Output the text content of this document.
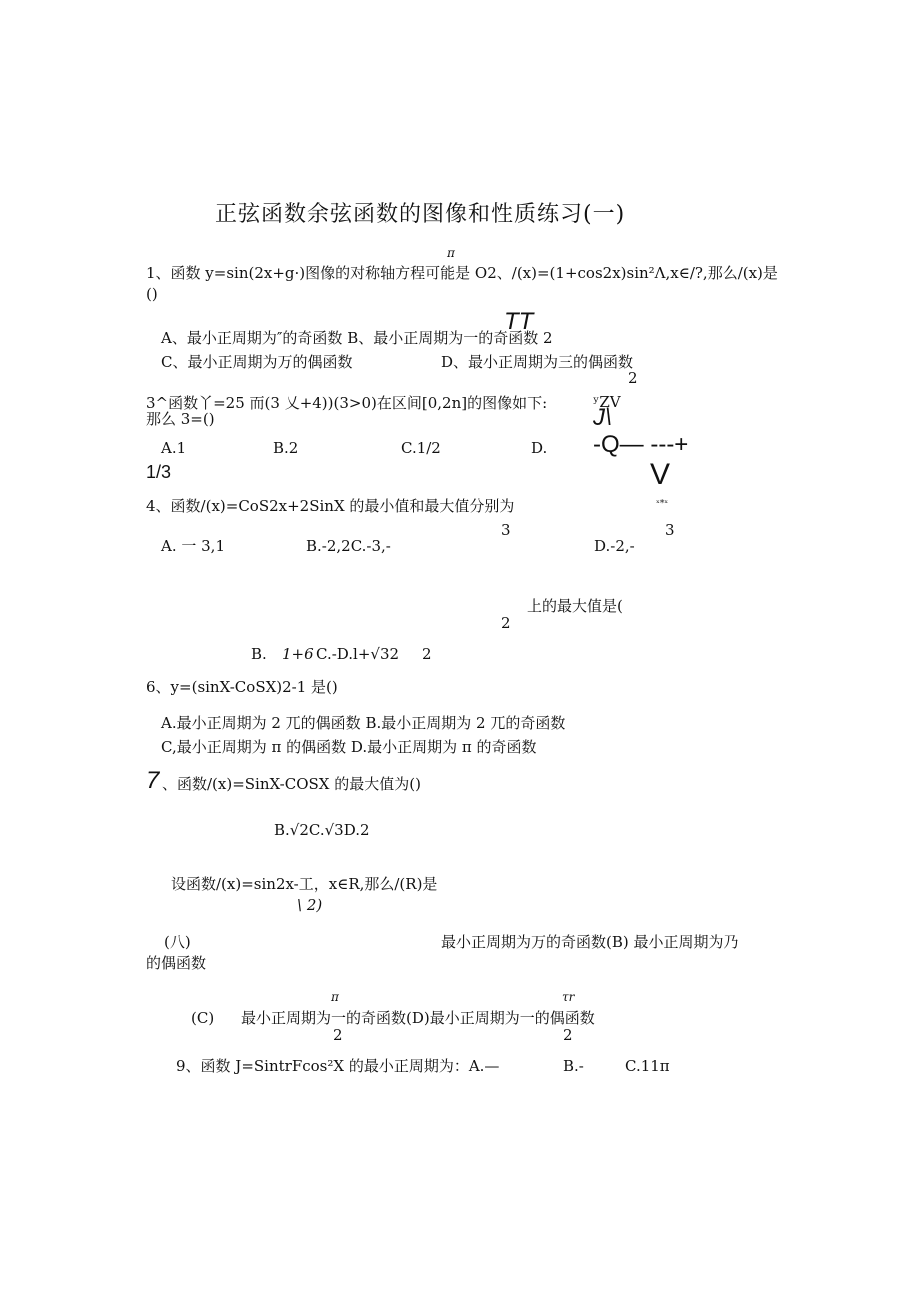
正弦函数余弦函数的图像和性质练习(一)
π
1、函数 y=sin(2x+g·)图像的对称轴方程可能是 O2、/(x)=(1+cos2x)sin²Λ,x∈/?,那么/(x)是
()
TT
A、最小正周期为″的奇函数 B、最小正周期为一的奇函数 2
C、最小正周期为万的偶函数	D、最小正周期为三的偶函数
2
3^函数丫=25 而(3 乂+4))(3>0)在区间[0,2n]的图像如下:
那么 3=()
ʸZV
J\
-Q— ---+
V
ˣ*ˣ
A.1	B.2	C.1/2	D.
1/3
4、函数/(x)=CoS2x+2SinX 的最小值和最大值分别为
3	3
A. 一 3,1	B.-2,2C.-3,-	D.-2,-
上的最大值是(
2
B. 1+6 C.-D.l+√32 2
6、y=(sinX-CoSX)2-1 是()
A.最小正周期为 2 兀的偶函数 B.最小正周期为 2 兀的奇函数
C,最小正周期为 π 的偶函数 D.最小正周期为 π 的奇函数
7 、函数/(x)=SinX-COSX 的最大值为()
B.√2C.√3D.2
设函数/(x)=sin2x-工，x∈R,那么/(R)是
\ 2)
(八)	最小正周期为万的奇函数(B) 最小正周期为乃
的偶函数
π	τr
(C) 最小正周期为一的奇函数(D)最小正周期为一的偶函数
2	2
9、函数 J=SintrFcos²X 的最小正周期为：A.—	B.-	C.11π
